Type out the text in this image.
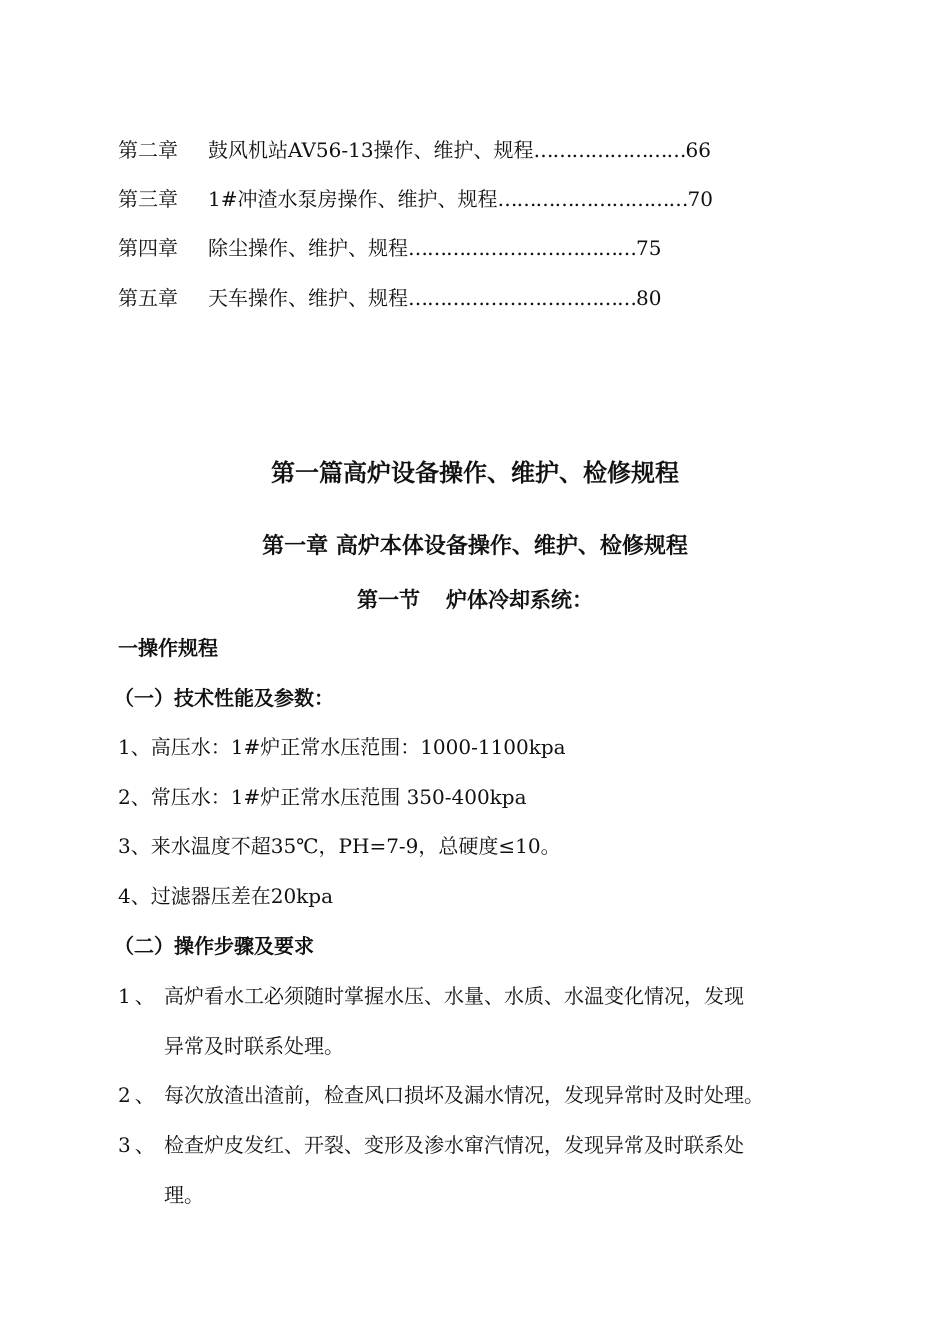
第二章 鼓风机站AV56-13操作、维护、规程……………………66
第三章 1#冲渣水泵房操作、维护、规程…………………………70
第四章 除尘操作、维护、规程………………………………75
第五章 天车操作、维护、规程………………………………80
第一篇高炉设备操作、维护、检修规程
第一章 高炉本体设备操作、维护、检修规程
第一节 炉体冷却系统：
一操作规程
（一）技术性能及参数：
1、高压水：1#炉正常水压范围：1000-1100kpa
2、常压水：1#炉正常水压范围 350-400kpa
3、来水温度不超35℃，PH=7-9，总硬度≤10。
4、过滤器压差在20kpa
（二）操作步骤及要求
1、 高炉看水工必须随时掌握水压、水量、水质、水温变化情况，发现
异常及时联系处理。
2、 每次放渣出渣前，检查风口损坏及漏水情况，发现异常时及时处理。
3、 检查炉皮发红、开裂、变形及渗水窜汽情况，发现异常及时联系处
理。
